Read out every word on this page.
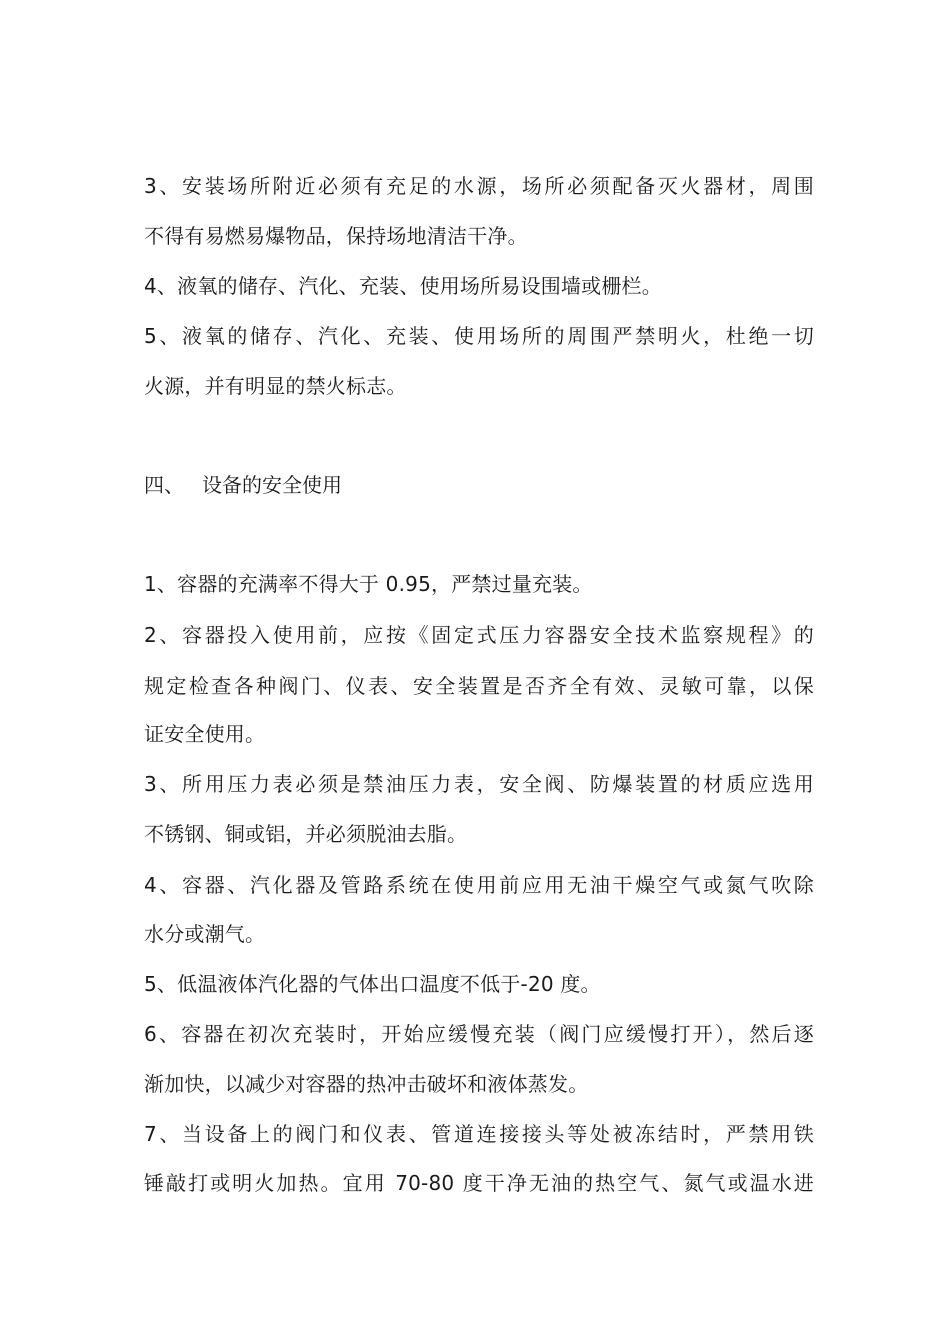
3、安装场所附近必须有充足的水源，场所必须配备灭火器材，周围
不得有易燃易爆物品，保持场地清洁干净。
4、液氧的储存、汽化、充装、使用场所易设围墙或栅栏。
5、液氧的储存、汽化、充装、使用场所的周围严禁明火，杜绝一切
火源，并有明显的禁火标志。
四、 设备的安全使用
1、容器的充满率不得大于 0.95，严禁过量充装。
2、容器投入使用前，应按《固定式压力容器安全技术监察规程》的
规定检查各种阀门、仪表、安全装置是否齐全有效、灵敏可靠，以保
证安全使用。
3、所用压力表必须是禁油压力表，安全阀、防爆装置的材质应选用
不锈钢、铜或铝，并必须脱油去脂。
4、容器、汽化器及管路系统在使用前应用无油干燥空气或氮气吹除
水分或潮气。
5、低温液体汽化器的气体出口温度不低于-20 度。
6、容器在初次充装时，开始应缓慢充装（阀门应缓慢打开），然后逐
渐加快，以减少对容器的热冲击破坏和液体蒸发。
7、当设备上的阀门和仪表、管道连接接头等处被冻结时，严禁用铁
锤敲打或明火加热。宜用 70-80 度干净无油的热空气、氮气或温水进
